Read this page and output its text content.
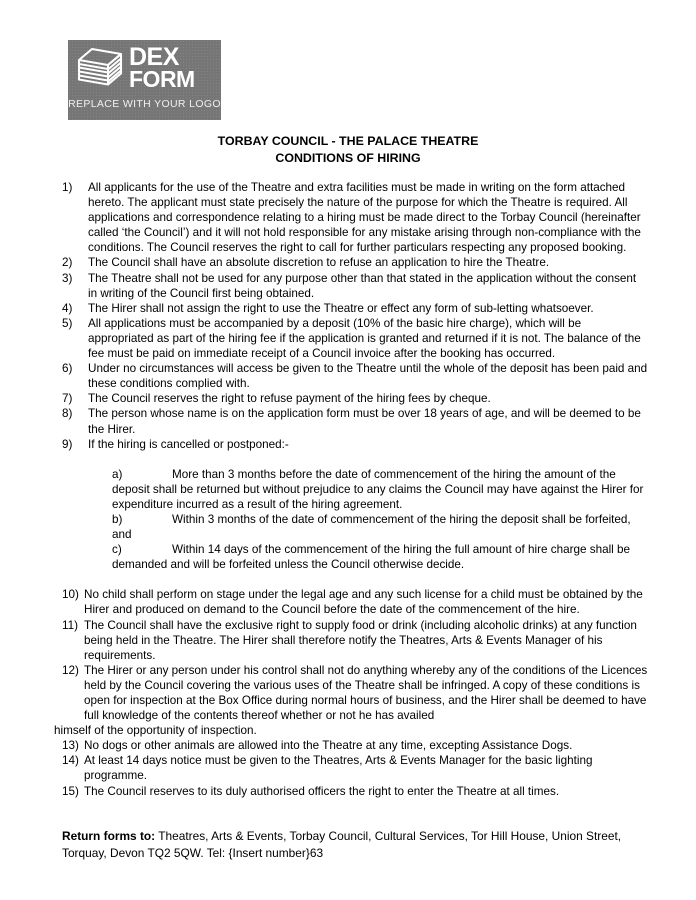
DEX
FORM
REPLACE WITH YOUR LOGO
TORBAY COUNCIL - THE PALACE THEATRE
CONDITIONS OF HIRING
1)	All applicants for the use of the Theatre and extra facilities must be made in writing on the form attached hereto. The applicant must state precisely the nature of the purpose for which the Theatre is required. All applications and correspondence relating to a hiring must be made direct to the Torbay Council (hereinafter called ‘the Council’) and it will not hold responsible for any mistake arising through non-compliance with the conditions. The Council reserves the right to call for further particulars respecting any proposed booking.
2)	The Council shall have an absolute discretion to refuse an application to hire the Theatre.
3)	The Theatre shall not be used for any purpose other than that stated in the application without the consent in writing of the Council first being obtained.
4)	The Hirer shall not assign the right to use the Theatre or effect any form of sub-letting whatsoever.
5)	All applications must be accompanied by a deposit (10% of the basic hire charge), which will be appropriated as part of the hiring fee if the application is granted and returned if it is not. The balance of the fee must be paid on immediate receipt of a Council invoice after the booking has occurred.
6)	Under no circumstances will access be given to the Theatre until the whole of the deposit has been paid and these conditions complied with.
7)	The Council reserves the right to refuse payment of the hiring fees by cheque.
8)	The person whose name is on the application form must be over 18 years of age, and will be deemed to be the Hirer.
9)	If the hiring is cancelled or postponed:-
a)	More than 3 months before the date of commencement of the hiring the amount of the deposit shall be returned but without prejudice to any claims the Council may have against the Hirer for expenditure incurred as a result of the hiring agreement.
b)	Within 3 months of the date of commencement of the hiring the deposit shall be forfeited, and
c)	Within 14 days of the commencement of the hiring the full amount of hire charge shall be demanded and will be forfeited unless the Council otherwise decide.
10) No child shall perform on stage under the legal age and any such license for a child must be obtained by the Hirer and produced on demand to the Council before the date of the commencement of the hire.
11) The Council shall have the exclusive right to supply food or drink (including alcoholic drinks) at any function being held in the Theatre. The Hirer shall therefore notify the Theatres, Arts & Events Manager of his requirements.
12) The Hirer or any person under his control shall not do anything whereby any of the conditions of the Licences held by the Council covering the various uses of the Theatre shall be infringed. A copy of these conditions is open for inspection at the Box Office during normal hours of business, and the Hirer shall be deemed to have full knowledge of the contents thereof whether or not he has availed
himself of the opportunity of inspection.
13) No dogs or other animals are allowed into the Theatre at any time, excepting Assistance Dogs.
14) At least 14 days notice must be given to the Theatres, Arts & Events Manager for the basic lighting programme.
15) The Council reserves to its duly authorised officers the right to enter the Theatre at all times.
Return forms to: Theatres, Arts & Events, Torbay Council, Cultural Services, Tor Hill House, Union Street, Torquay, Devon TQ2 5QW. Tel: {Insert number}63
